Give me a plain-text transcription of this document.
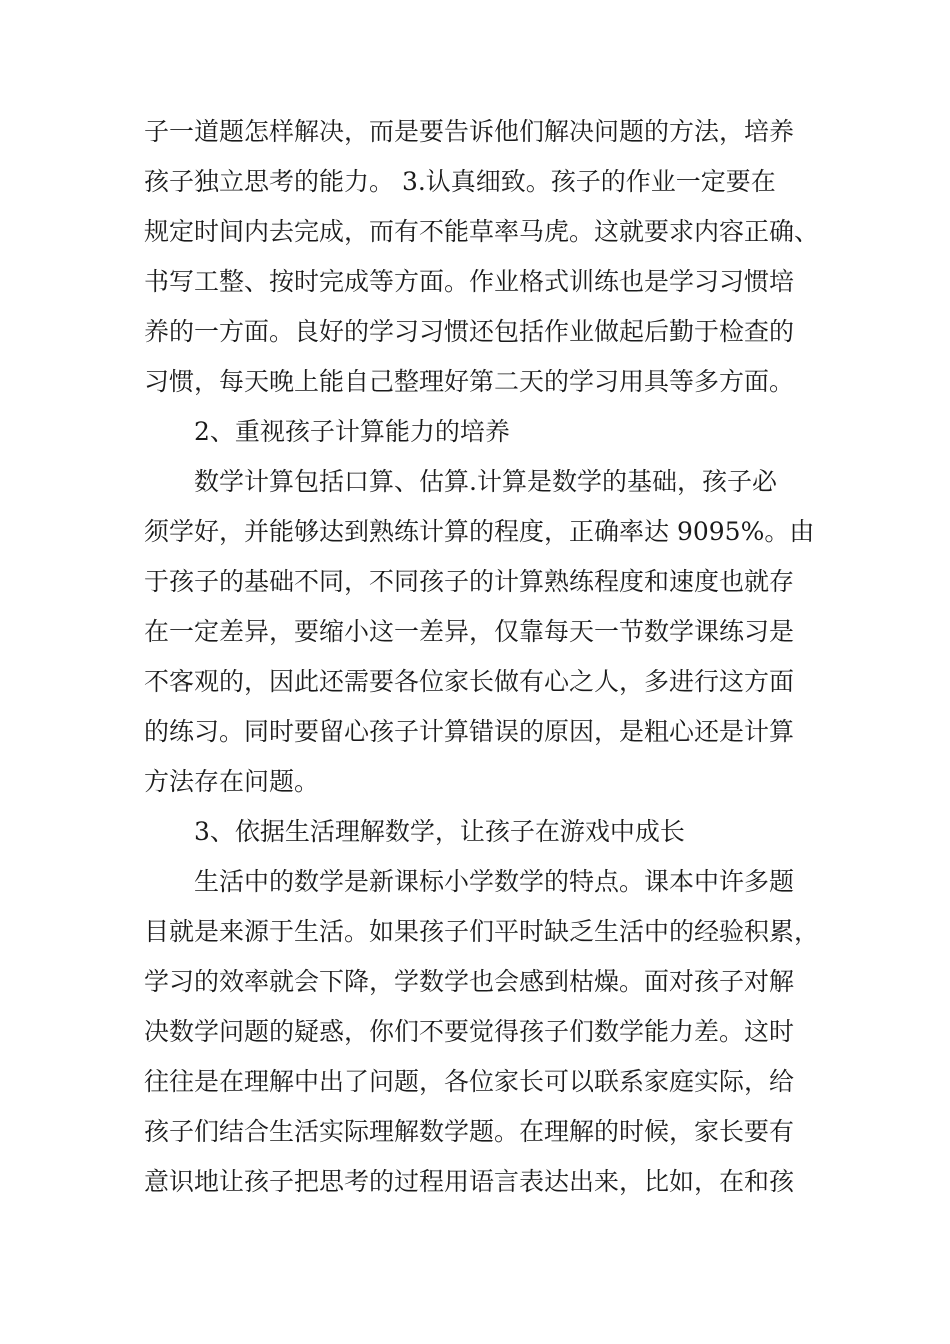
子一道题怎样解决，而是要告诉他们解决问题的方法，培养
孩子独立思考的能力。 3.认真细致。孩子的作业一定要在
规定时间内去完成，而有不能草率马虎。这就要求内容正确、
书写工整、按时完成等方面。作业格式训练也是学习习惯培
养的一方面。良好的学习习惯还包括作业做起后勤于检查的
习惯，每天晚上能自己整理好第二天的学习用具等多方面。
2、重视孩子计算能力的培养
数学计算包括口算、估算.计算是数学的基础，孩子必
须学好，并能够达到熟练计算的程度，正确率达 9095%。由
于孩子的基础不同，不同孩子的计算熟练程度和速度也就存
在一定差异，要缩小这一差异，仅靠每天一节数学课练习是
不客观的，因此还需要各位家长做有心之人，多进行这方面
的练习。同时要留心孩子计算错误的原因，是粗心还是计算
方法存在问题。
3、依据生活理解数学，让孩子在游戏中成长
生活中的数学是新课标小学数学的特点。课本中许多题
目就是来源于生活。如果孩子们平时缺乏生活中的经验积累，
学习的效率就会下降，学数学也会感到枯燥。面对孩子对解
决数学问题的疑惑，你们不要觉得孩子们数学能力差。这时
往往是在理解中出了问题，各位家长可以联系家庭实际，给
孩子们结合生活实际理解数学题。在理解的时候，家长要有
意识地让孩子把思考的过程用语言表达出来，比如，在和孩
